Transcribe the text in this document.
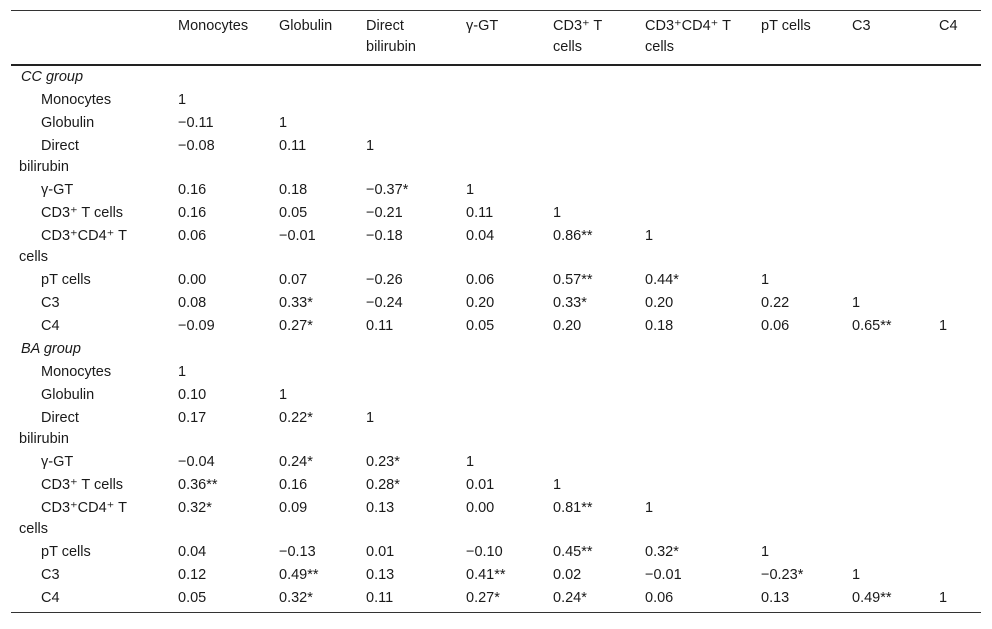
	Monocytes	Globulin	Direct bilirubin	γ-GT	CD3⁺ T cells	CD3⁺CD4⁺ T cells	pT cells	C3	C4
CC group									

Monocytes	1								

Globulin	−0.11	1							

Direct
bilirubin	−0.08	0.11	1						

γ-GT	0.16	0.18	−0.37*	1					

CD3⁺ T cells	0.16	0.05	−0.21	0.11	1				

CD3⁺CD4⁺ T
cells	0.06	−0.01	−0.18	0.04	0.86**	1			

pT cells	0.00	0.07	−0.26	0.06	0.57**	0.44*	1		

C3	0.08	0.33*	−0.24	0.20	0.33*	0.20	0.22	1	

C4	−0.09	0.27*	0.11	0.05	0.20	0.18	0.06	0.65**	1
BA group									

Monocytes	1								

Globulin	0.10	1							

Direct
bilirubin	0.17	0.22*	1						

γ-GT	−0.04	0.24*	0.23*	1					

CD3⁺ T cells	0.36**	0.16	0.28*	0.01	1				

CD3⁺CD4⁺ T
cells	0.32*	0.09	0.13	0.00	0.81**	1			

pT cells	0.04	−0.13	0.01	−0.10	0.45**	0.32*	1		

C3	0.12	0.49**	0.13	0.41**	0.02	−0.01	−0.23*	1	

C4	0.05	0.32*	0.11	0.27*	0.24*	0.06	0.13	0.49**	1
